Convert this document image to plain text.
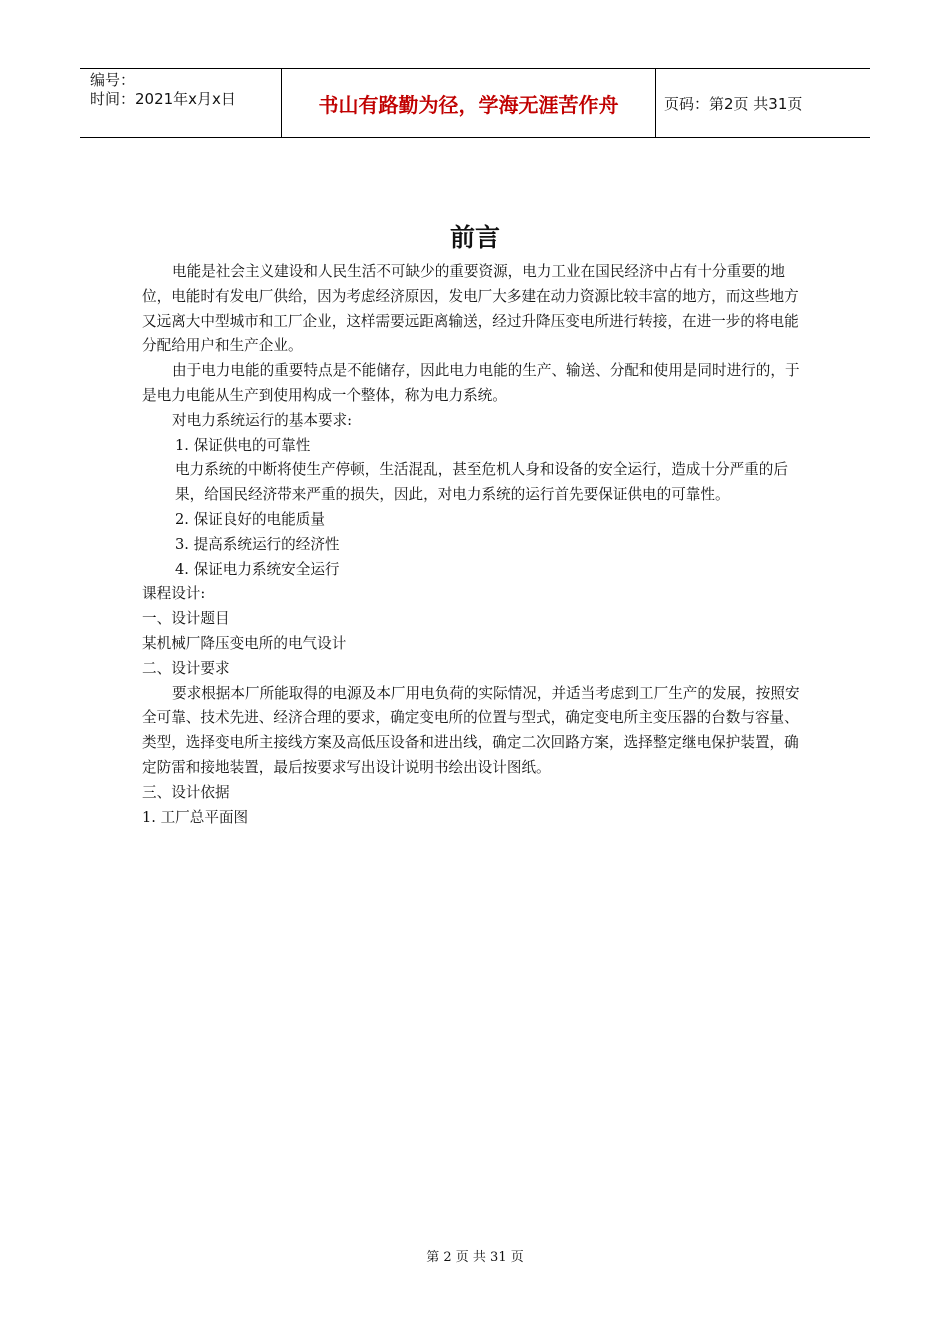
编号：
时间：2021年x月x日	书山有路勤为径，学海无涯苦作舟	页码：第2页 共31页
前言

电能是社会主义建设和人民生活不可缺少的重要资源，电力工业在国民经济中占有十分重要的地位，电能时有发电厂供给，因为考虑经济原因，发电厂大多建在动力资源比较丰富的地方，而这些地方又远离大中型城市和工厂企业，这样需要远距离输送，经过升降压变电所进行转接，在进一步的将电能分配给用户和生产企业。

由于电力电能的重要特点是不能储存，因此电力电能的生产、输送、分配和使用是同时进行的，于是电力电能从生产到使用构成一个整体，称为电力系统。

对电力系统运行的基本要求:

1. 保证供电的可靠性

电力系统的中断将使生产停顿，生活混乱，甚至危机人身和设备的安全运行，造成十分严重的后果，给国民经济带来严重的损失，因此，对电力系统的运行首先要保证供电的可靠性。

2. 保证良好的电能质量

3. 提高系统运行的经济性

4. 保证电力系统安全运行

课程设计:

一、设计题目

某机械厂降压变电所的电气设计

二、设计要求

要求根据本厂所能取得的电源及本厂用电负荷的实际情况，并适当考虑到工厂生产的发展，按照安全可靠、技术先进、经济合理的要求，确定变电所的位置与型式，确定变电所主变压器的台数与容量、类型，选择变电所主接线方案及高低压设备和进出线，确定二次回路方案，选择整定继电保护装置，确定防雷和接地装置，最后按要求写出设计说明书绘出设计图纸。

三、设计依据

1. 工厂总平面图

第 2 页 共 31 页
